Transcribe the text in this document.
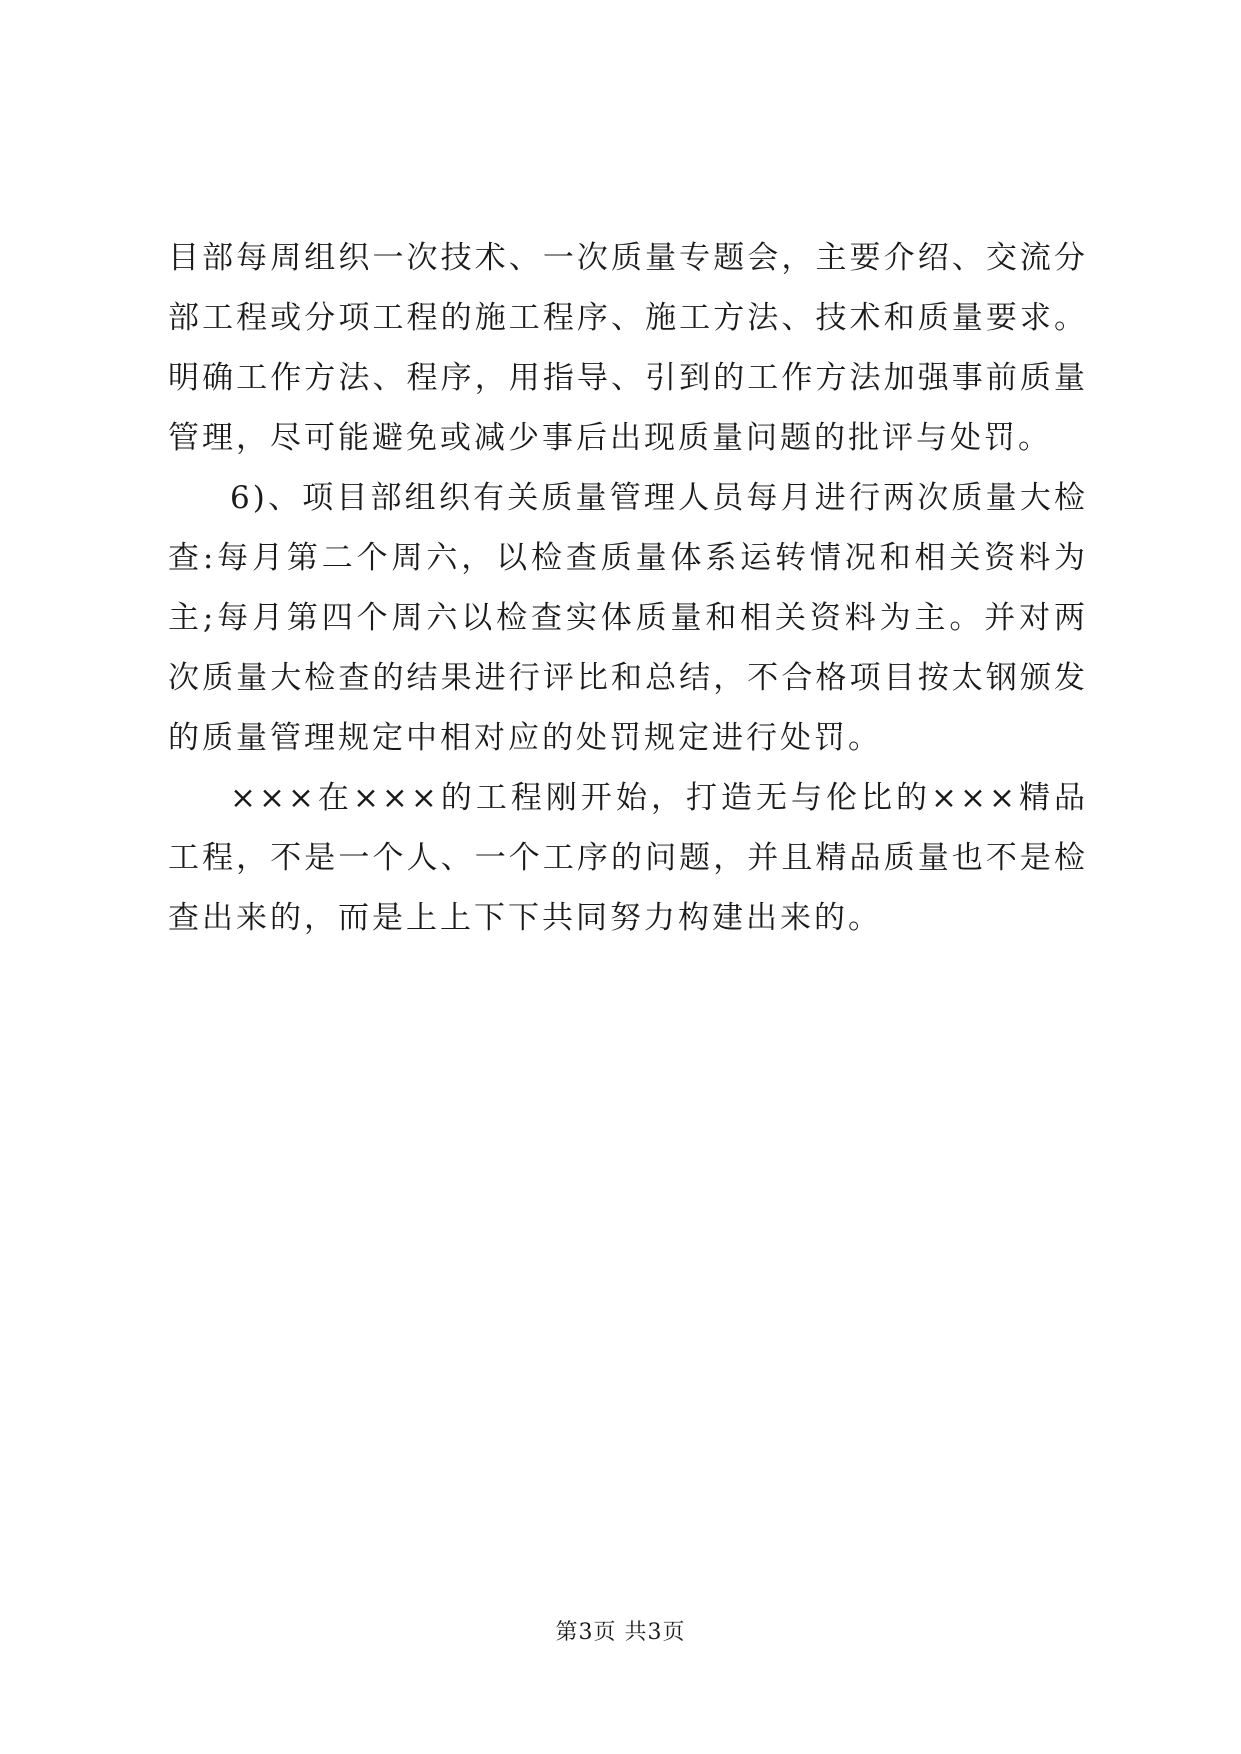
目部每周组织一次技术、一次质量专题会，主要介绍、交流分部工程或分项工程的施工程序、施工方法、技术和质量要求。明确工作方法、程序，用指导、引到的工作方法加强事前质量管理，尽可能避免或减少事后出现质量问题的批评与处罚。

6)、项目部组织有关质量管理人员每月进行两次质量大检查:每月第二个周六，以检查质量体系运转情况和相关资料为主;每月第四个周六以检查实体质量和相关资料为主。并对两次质量大检查的结果进行评比和总结，不合格项目按太钢颁发的质量管理规定中相对应的处罚规定进行处罚。

×××在×××的工程刚开始，打造无与伦比的×××精品工程，不是一个人、一个工序的问题，并且精品质量也不是检查出来的，而是上上下下共同努力构建出来的。

第3页 共3页
